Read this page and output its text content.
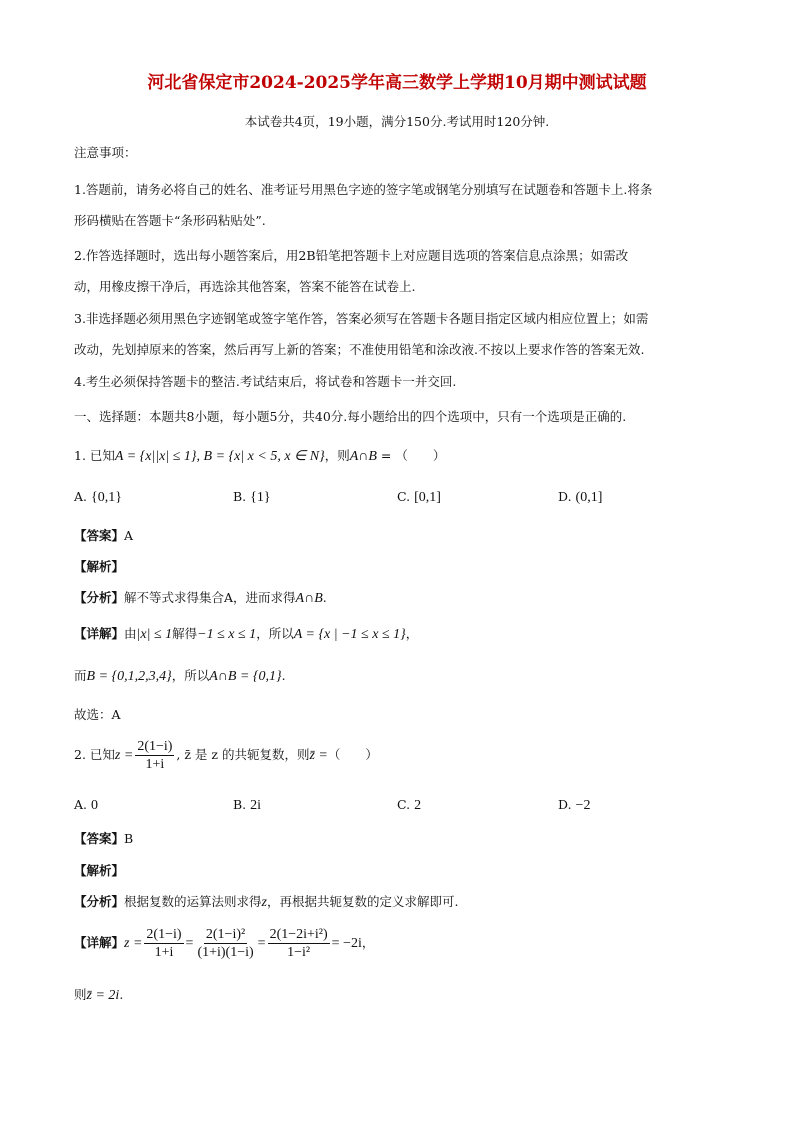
河北省保定市2024-2025学年高三数学上学期10月期中测试试题
本试卷共4页，19小题，满分150分.考试用时120分钟.
注意事项：
1.答题前，请务必将自己的姓名、准考证号用黑色字迹的签字笔或钢笔分别填写在试题卷和答题卡上.将条
形码横贴在答题卡“条形码粘贴处”.
2.作答选择题时，选出每小题答案后，用2B铅笔把答题卡上对应题目选项的答案信息点涂黑；如需改
动，用橡皮擦干净后，再选涂其他答案，答案不能答在试卷上.
3.非选择题必须用黑色字迹钢笔或签字笔作答，答案必须写在答题卡各题目指定区域内相应位置上；如需
改动，先划掉原来的答案，然后再写上新的答案；不准使用铅笔和涂改液.不按以上要求作答的答案无效.
4.考生必须保持答题卡的整洁.考试结束后，将试卷和答题卡一并交回.
一、选择题：本题共8小题，每小题5分，共40分.每小题给出的四个选项中，只有一个选项是正确的.
1. 已知A = {x||x| ≤ 1}, B = {x| x < 5, x ∈ N}，则A∩B = （　　）
A. {0,1}	B. {1}	C. [0,1]	D. (0,1]
【答案】A
【解析】
【分析】解不等式求得集合A，进而求得A∩B.
【详解】由|x| ≤ 1解得−1 ≤ x ≤ 1，所以A = {x | −1 ≤ x ≤ 1}，
而B = {0,1,2,3,4}，所以A∩B = {0,1}.
故选：A
2. 已知$z = \frac{2(1-i)}{1+i}$ , z̄ 是 z 的共轭复数，则z̄ =（　　）
A. 0	B. 2i	C. 2	D. −2
【答案】B
【解析】
【分析】根据复数的运算法则求得z，再根据共轭复数的定义求解即可.
【详解】$z = \frac{2(1-i)}{1+i} = \frac{\text{2(1−i)²}}{(1+i)(1-i)} = \frac{\text{2(1−2i+i²)}}{\text{1−i²}} = -2i$，
则z̄ = 2i.
